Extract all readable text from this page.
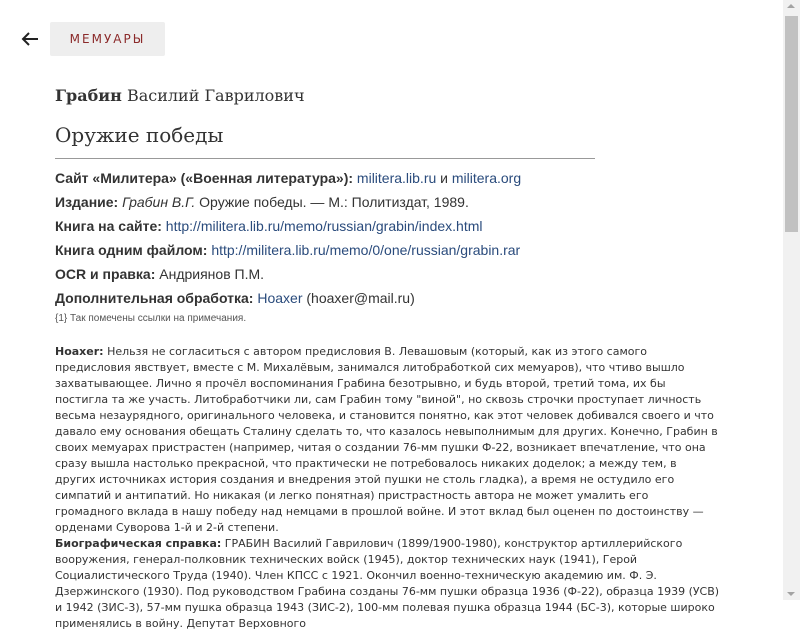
МЕМУАРЫ
Грабин Василий Гаврилович
Оружие победы
Сайт «Милитера» («Военная литература»): militera.lib.ru и militera.org
Издание: Грабин В.Г. Оружие победы. — М.: Политиздат, 1989.
Книга на сайте: http://militera.lib.ru/memo/russian/grabin/index.html
Книга одним файлом: http://militera.lib.ru/memo/0/one/russian/grabin.rar
OCR и правка: Андриянов П.М.
Дополнительная обработка: Hoaxer (hoaxer@mail.ru)
{1} Так помечены ссылки на примечания.

Hoaxer: Нельзя не согласиться с автором предисловия В. Левашовым (который, как из этого самого предисловия явствует, вместе с М. Михалёвым, занимался литобработкой сих мемуаров), что чтиво вышло захватывающее. Лично я прочёл воспоминания Грабина безотрывно, и будь второй, третий тома, их бы постигла та же участь. Литобработчики ли, сам Грабин тому "виной", но сквозь строчки проступает личность весьма незаурядного, оригинального человека, и становится понятно, как этот человек добивался своего и что давало ему основания обещать Сталину сделать то, что казалось невыполнимым для других. Конечно, Грабин в своих мемуарах пристрастен (например, читая о создании 76-мм пушки Ф-22, возникает впечатление, что она сразу вышла настолько прекрасной, что практически не потребовалось никаких доделок; а между тем, в других источниках история создания и внедрения этой пушки не столь гладка), а время не остудило его симпатий и антипатий. Но никакая (и легко понятная) пристрастность автора не может умалить его громадного вклада в нашу победу над немцами в прошлой войне. И этот вклад был оценен по достоинству — орденами Суворова 1-й и 2-й степени.

Биографическая справка: ГРАБИН Василий Гаврилович (1899/1900-1980), конструктор артиллерийского вооружения, генерал-полковник технических войск (1945), доктор технических наук (1941), Герой Социалистического Труда (1940). Член КПСС с 1921. Окончил военно-техническую академию им. Ф. Э. Дзержинского (1930). Под руководством Грабина созданы 76-мм пушки образца 1936 (Ф-22), образца 1939 (УСВ) и 1942 (ЗИС-3), 57-мм пушка образца 1943 (ЗИС-2), 100-мм полевая пушка образца 1944 (БС-3), которые широко применялись в войну. Депутат Верховного
